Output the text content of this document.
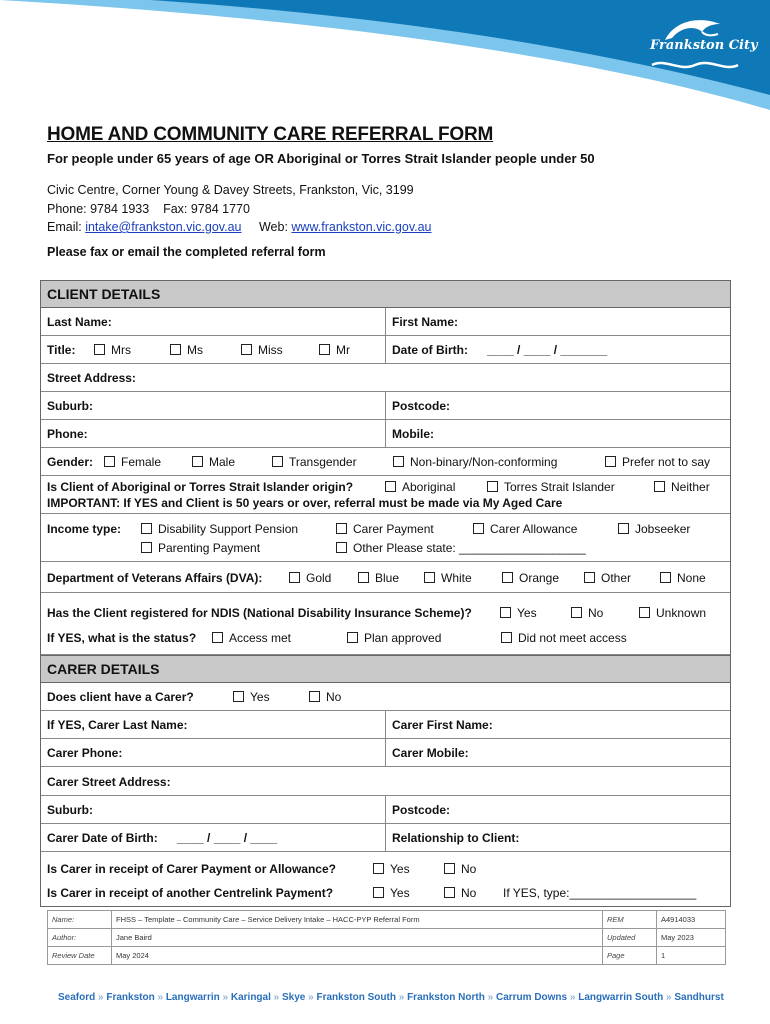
Frankston City
HOME AND COMMUNITY CARE REFERRAL FORM
For people under 65 years of age OR Aboriginal or Torres Strait Islander people under 50
Civic Centre, Corner Young & Davey Streets, Frankston, Vic, 3199
Phone: 9784 1933    Fax: 9784 1770
Email: intake@frankston.vic.gov.au Web: www.frankston.vic.gov.au
Please fax or email the completed referral form
CLIENT DETAILS
Last Name:	First Name:
Title:	Mrs	Ms	Miss	Mr	Date of Birth: ____ / ____ / _______
Street Address:
Suburb:	Postcode:
Phone:	Mobile:
Gender:	Female	Male	Transgender	Non-binary/Non-conforming	Prefer not to say
Is Client of Aboriginal or Torres Strait Islander origin?	Aboriginal	Torres Strait Islander	Neither
IMPORTANT: If YES and Client is 50 years or over, referral must be made via My Aged Care
Income type:	Disability Support Pension	Carer Payment	Carer Allowance	Jobseeker
Parenting Payment	Other Please state: ___________________
Department of Veterans Affairs (DVA):	Gold	Blue	White	Orange	Other	None
Has the Client registered for NDIS (National Disability Insurance Scheme)?	Yes	No	Unknown
If YES, what is the status?	Access met	Plan approved	Did not meet access
CARER DETAILS
Does client have a Carer?	Yes	No
If YES, Carer Last Name:	Carer First Name:
Carer Phone:	Carer Mobile:
Carer Street Address:
Suburb:	Postcode:
Carer Date of Birth: ____ / ____ / ____	Relationship to Client:
Is Carer in receipt of Carer Payment or Allowance?	Yes	No
Is Carer in receipt of another Centrelink Payment?	Yes	No If YES, type:___________________
Name:	FHSS – Template – Community Care – Service Delivery Intake – HACC-PYP Referral Form	REM	A4914033
Author:	Jane Baird	Updated	May 2023
Review Date	May 2024	Page	1
Seaford » Frankston » Langwarrin » Karingal » Skye » Frankston South » Frankston North » Carrum Downs » Langwarrin South » Sandhurst
